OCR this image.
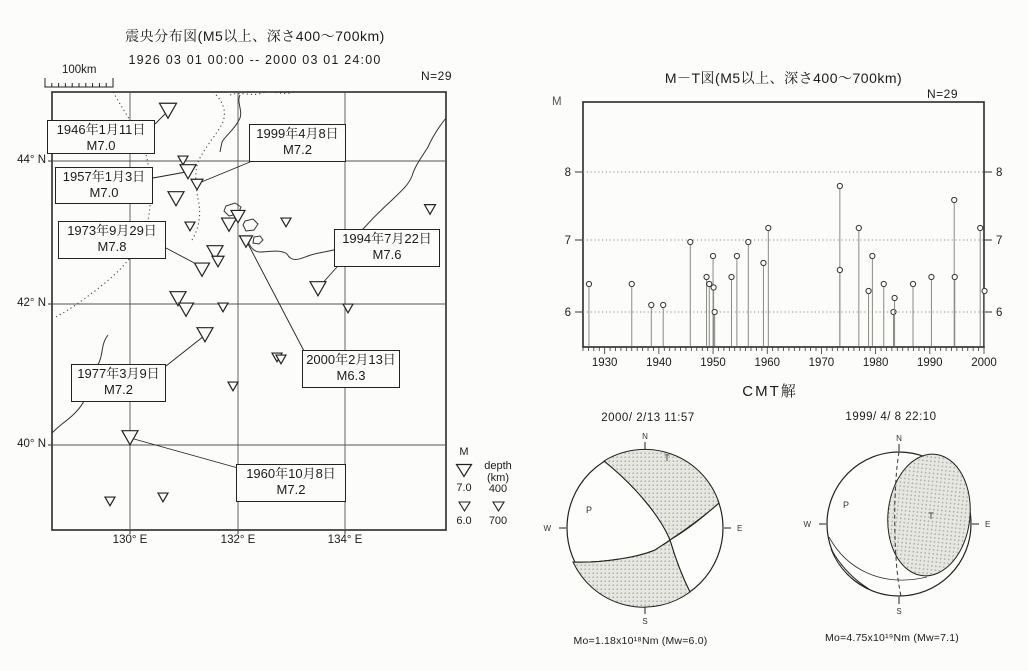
震央分布図(M5以上、深さ400～700km)
1926 03 01 00:00 -- 2000 03 01 24:00
100km	N=29
1946年1月11日
M7.0
1957年1月3日
M7.0
1973年9月29日
M7.8
1999年4月8日
M7.2
1994年7月22日
M7.6
2000年2月13日
M6.3
1977年3月9日
M7.2
1960年10月8日
M7.2
130° E	132° E	134° E
44° N
42° N
40° N
M
7.0
6.0
depth
(km)
400
700
M－T図(M5以上、深さ400～700km)
N=29
M
8	8
7	7
6	6
1930 1940 1950 1960 1970 1980 1990 2000
CMT解
2000/ 2/13 11:57	1999/ 4/ 8 22:10
N
E
S
W
P
T
N
E
S
W
P
T
Mo=1.18x10¹⁸Nm (Mw=6.0)	Mo=4.75x10¹⁹Nm (Mw=7.1)
